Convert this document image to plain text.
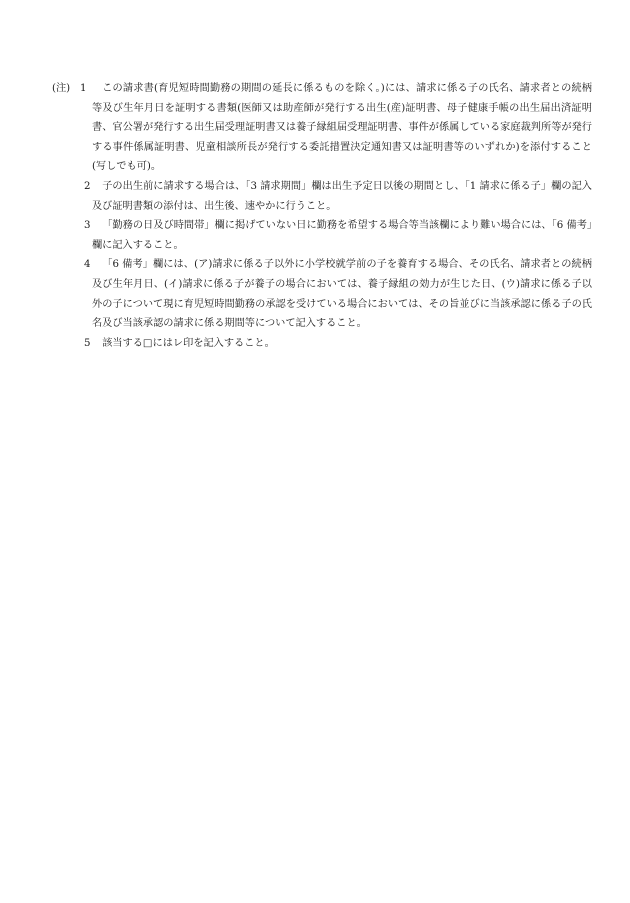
(注) 1	この請求書(育児短時間勤務の期間の延長に係るものを除く。)には、請求に係る子の氏名、請求者との続柄等及び生年月日を証明する書類(医師又は助産師が発行する出生(産)証明書、母子健康手帳の出生届出済証明書、官公署が発行する出生届受理証明書又は養子縁組届受理証明書、事件が係属している家庭裁判所等が発行する事件係属証明書、児童相談所長が発行する委託措置決定通知書又は証明書等のいずれか)を添付すること(写しでも可)。
2	子の出生前に請求する場合は、「3 請求期間」欄は出生予定日以後の期間とし、「1 請求に係る子」欄の記入及び証明書類の添付は、出生後、速やかに行うこと。
3	「勤務の日及び時間帯」欄に掲げていない日に勤務を希望する場合等当該欄により難い場合には、「6 備考」欄に記入すること。
4	「6 備考」欄には、(ア)請求に係る子以外に小学校就学前の子を養育する場合、その氏名、請求者との続柄及び生年月日、(イ)請求に係る子が養子の場合においては、養子縁組の効力が生じた日、(ウ)請求に係る子以外の子について現に育児短時間勤務の承認を受けている場合においては、その旨並びに当該承認に係る子の氏名及び当該承認の請求に係る期間等について記入すること。
5	該当する□にはレ印を記入すること。
